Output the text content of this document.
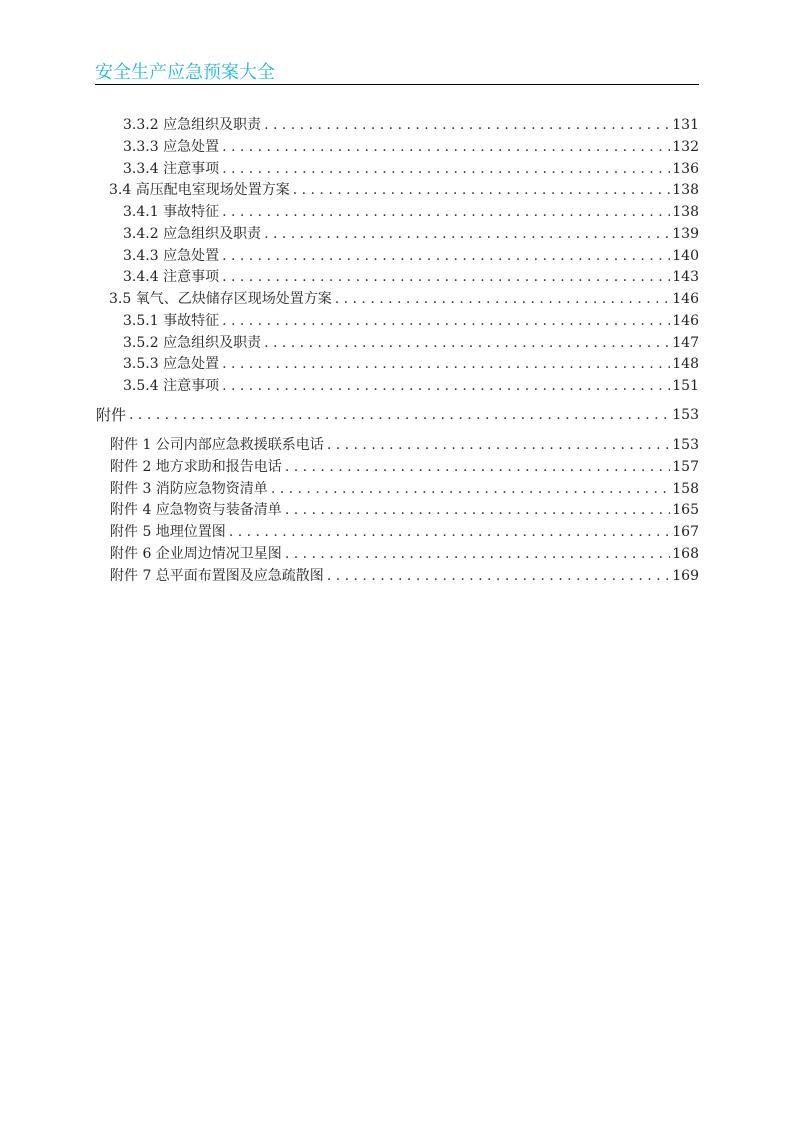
安全生产应急预案大全
3.3.2 应急组织及职责 . . .	131
3.3.3 应急处置 . . .	132
3.3.4 注意事项 . . .	136
3.4 高压配电室现场处置方案 . . .	138
3.4.1 事故特征 . . .	138
3.4.2 应急组织及职责 . . .	139
3.4.3 应急处置 . . .	140
3.4.4 注意事项 . . .	143
3.5 氧气、乙炔储存区现场处置方案 . . .	146
3.5.1 事故特征 . . .	146
3.5.2 应急组织及职责 . . .	147
3.5.3 应急处置 . . .	148
3.5.4 注意事项 . . .	151
附件 . . .	153
附件 1 公司内部应急救援联系电话 . . .	153
附件 2 地方求助和报告电话 . . .	157
附件 3 消防应急物资清单 . . .	158
附件 4 应急物资与装备清单 . . .	165
附件 5 地理位置图 . . .	167
附件 6 企业周边情况卫星图 . . .	168
附件 7 总平面布置图及应急疏散图 . . .	169
